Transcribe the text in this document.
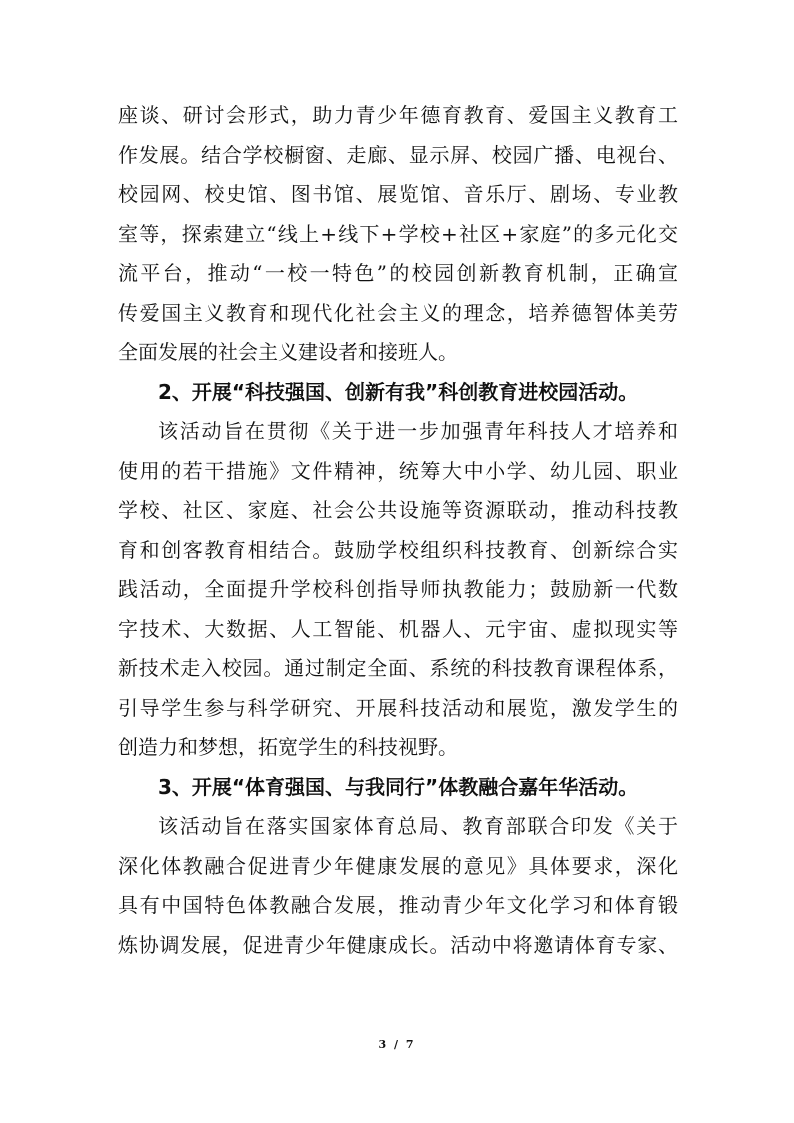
座谈、研讨会形式，助力青少年德育教育、爱国主义教育工
作发展。结合学校橱窗、走廊、显示屏、校园广播、电视台、
校园网、校史馆、图书馆、展览馆、音乐厅、剧场、专业教
室等，探索建立“线上+线下+学校+社区+家庭”的多元化交
流平台，推动“一校一特色”的校园创新教育机制，正确宣
传爱国主义教育和现代化社会主义的理念，培养德智体美劳
全面发展的社会主义建设者和接班人。
2、开展“科技强国、创新有我”科创教育进校园活动。
该活动旨在贯彻《关于进一步加强青年科技人才培养和
使用的若干措施》文件精神，统筹大中小学、幼儿园、职业
学校、社区、家庭、社会公共设施等资源联动，推动科技教
育和创客教育相结合。鼓励学校组织科技教育、创新综合实
践活动，全面提升学校科创指导师执教能力；鼓励新一代数
字技术、大数据、人工智能、机器人、元宇宙、虚拟现实等
新技术走入校园。通过制定全面、系统的科技教育课程体系，
引导学生参与科学研究、开展科技活动和展览，激发学生的
创造力和梦想，拓宽学生的科技视野。
3、开展“体育强国、与我同行”体教融合嘉年华活动。
该活动旨在落实国家体育总局、教育部联合印发《关于
深化体教融合促进青少年健康发展的意见》具体要求，深化
具有中国特色体教融合发展，推动青少年文化学习和体育锻
炼协调发展，促进青少年健康成长。活动中将邀请体育专家、
3 / 7
